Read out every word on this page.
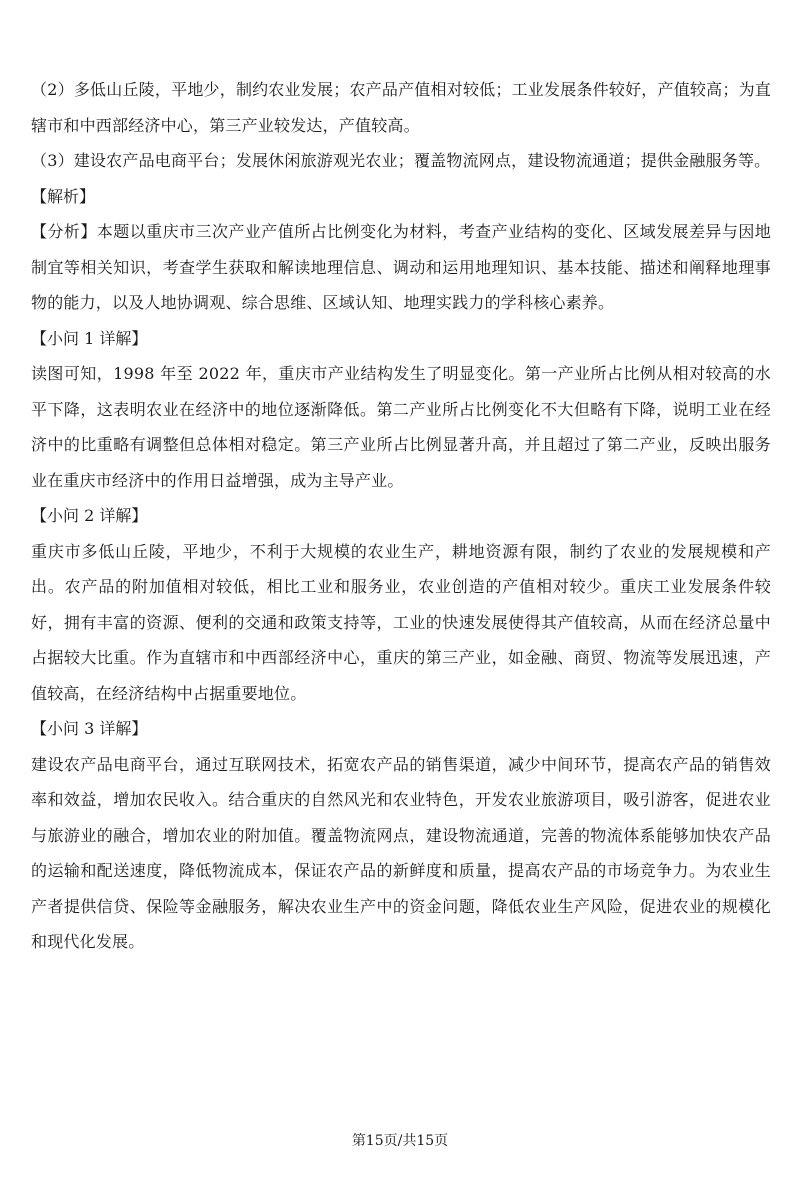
（2）多低山丘陵，平地少，制约农业发展；农产品产值相对较低；工业发展条件较好，产值较高；为直辖市和中西部经济中心，第三产业较发达，产值较高。

（3）建设农产品电商平台；发展休闲旅游观光农业；覆盖物流网点，建设物流通道；提供金融服务等。

【解析】

【分析】本题以重庆市三次产业产值所占比例变化为材料，考查产业结构的变化、区域发展差异与因地制宜等相关知识，考查学生获取和解读地理信息、调动和运用地理知识、基本技能、描述和阐释地理事物的能力，以及人地协调观、综合思维、区域认知、地理实践力的学科核心素养。

【小问 1 详解】

读图可知，1998 年至 2022 年，重庆市产业结构发生了明显变化。第一产业所占比例从相对较高的水平下降，这表明农业在经济中的地位逐渐降低。第二产业所占比例变化不大但略有下降，说明工业在经济中的比重略有调整但总体相对稳定。第三产业所占比例显著升高，并且超过了第二产业，反映出服务业在重庆市经济中的作用日益增强，成为主导产业。

【小问 2 详解】

重庆市多低山丘陵，平地少，不利于大规模的农业生产，耕地资源有限，制约了农业的发展规模和产出。农产品的附加值相对较低，相比工业和服务业，农业创造的产值相对较少。重庆工业发展条件较好，拥有丰富的资源、便利的交通和政策支持等，工业的快速发展使得其产值较高，从而在经济总量中占据较大比重。作为直辖市和中西部经济中心，重庆的第三产业，如金融、商贸、物流等发展迅速，产值较高，在经济结构中占据重要地位。

【小问 3 详解】

建设农产品电商平台，通过互联网技术，拓宽农产品的销售渠道，减少中间环节，提高农产品的销售效率和效益，增加农民收入。结合重庆的自然风光和农业特色，开发农业旅游项目，吸引游客，促进农业与旅游业的融合，增加农业的附加值。覆盖物流网点，建设物流通道，完善的物流体系能够加快农产品的运输和配送速度，降低物流成本，保证农产品的新鲜度和质量，提高农产品的市场竞争力。为农业生产者提供信贷、保险等金融服务，解决农业生产中的资金问题，降低农业生产风险，促进农业的规模化和现代化发展。

第15页/共15页
